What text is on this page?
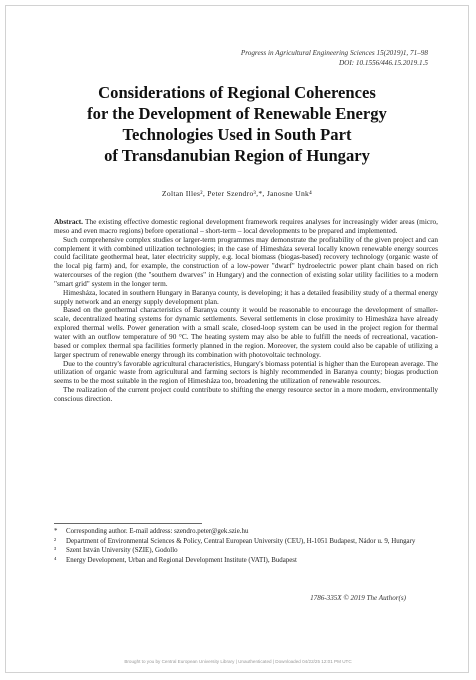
Progress in Agricultural Engineering Sciences 15(2019)1, 71–98
DOI: 10.1556/446.15.2019.1.5
Considerations of Regional Coherences
for the Development of Renewable Energy
Technologies Used in South Part
of Transdanubian Region of Hungary
Zoltan Illes², Peter Szendro³,*, Janosne Unk⁴

Abstract. The existing effective domestic regional development framework requires analyses for increasingly wider areas (micro, meso and even macro regions) before operational – short-term – local developments to be prepared and implemented.

Such comprehensive complex studies or larger-term programmes may demonstrate the profitability of the given project and can complement it with combined utilization technologies; in the case of Himesháza several locally known renewable energy sources could facilitate geothermal heat, later electricity supply, e.g. local biomass (biogas-based) recovery technology (organic waste of the local pig farm) and, for example, the construction of a low-power "dwarf" hydroelectric power plant chain based on rich watercourses of the region (the "southern dwarves" in Hungary) and the connection of existing solar utility facilities to a modern "smart grid" system in the longer term.

Himesháza, located in southern Hungary in Baranya county, is developing; it has a detailed feasibility study of a thermal energy supply network and an energy supply development plan.

Based on the geothermal characteristics of Baranya county it would be reasonable to encourage the development of smaller-scale, decentralized heating systems for dynamic settlements. Several settlements in close proximity to Himesháza have already explored thermal wells. Power generation with a small scale, closed-loop system can be used in the project region for thermal water with an outflow temperature of 90 °C. The heating system may also be able to fulfill the needs of recreational, vacation-based or complex thermal spa facilities formerly planned in the region. Moreover, the system could also be capable of utilizing a larger spectrum of renewable energy through its combination with photovoltaic technology.

Due to the country's favorable agricultural characteristics, Hungary's biomass potential is higher than the European average. The utilization of organic waste from agricultural and farming sectors is highly recommended in Baranya county; biogas production seems to be the most suitable in the region of Himesháza too, broadening the utilization of renewable resources.

The realization of the current project could contribute to shifting the energy resource sector in a more modern, environmentally conscious direction.

*	Corresponding author. E-mail address: szendro.peter@gek.szie.hu
²	Department of Environmental Sciences & Policy, Central European University (CEU), H-1051 Budapest, Nádor u. 9, Hungary
³	Szent István University (SZIE), Godollo
⁴	Energy Development, Urban and Regional Development Institute (VATI), Budapest
1786-335X © 2019 The Author(s)
Brought to you by Central European University Library | Unauthenticated | Downloaded 04/22/25 12:01 PM UTC
